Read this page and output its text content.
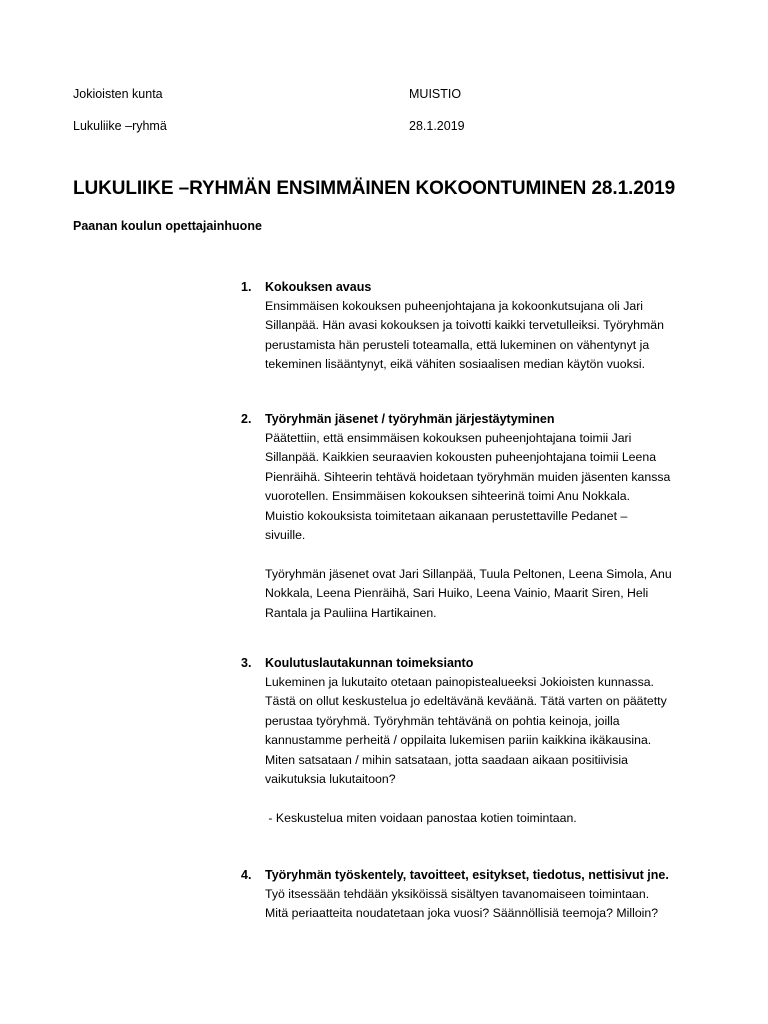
Jokioisten kunta	MUISTIO
Lukuliike –ryhmä	28.1.2019
LUKULIIKE –RYHMÄN ENSIMMÄINEN KOKOONTUMINEN 28.1.2019
Paanan koulun opettajainhuone
1. Kokouksen avaus

Ensimmäisen kokouksen puheenjohtajana ja kokoonkutsujana oli Jari

Sillanpää. Hän avasi kokouksen ja toivotti kaikki tervetulleiksi. Työryhmän

perustamista hän perusteli toteamalla, että lukeminen on vähentynyt ja

tekeminen lisääntynyt, eikä vähiten sosiaalisen median käytön vuoksi.

2. Työryhmän jäsenet / työryhmän järjestäytyminen

Päätettiin, että ensimmäisen kokouksen puheenjohtajana toimii Jari

Sillanpää. Kaikkien seuraavien kokousten puheenjohtajana toimii Leena

Pienräihä. Sihteerin tehtävä hoidetaan työryhmän muiden jäsenten kanssa

vuorotellen. Ensimmäisen kokouksen sihteerinä toimi Anu Nokkala.

Muistio kokouksista toimitetaan aikanaan perustettaville Pedanet –

sivuille.

Työryhmän jäsenet ovat Jari Sillanpää, Tuula Peltonen, Leena Simola, Anu

Nokkala, Leena Pienräihä, Sari Huiko, Leena Vainio, Maarit Siren, Heli

Rantala ja Pauliina Hartikainen.

3. Koulutuslautakunnan toimeksianto

Lukeminen ja lukutaito otetaan painopistealueeksi Jokioisten kunnassa.

Tästä on ollut keskustelua jo edeltävänä keväänä. Tätä varten on päätetty

perustaa työryhmä. Työryhmän tehtävänä on pohtia keinoja, joilla

kannustamme perheitä / oppilaita lukemisen pariin kaikkina ikäkausina.

Miten satsataan / mihin satsataan, jotta saadaan aikaan positiivisia

vaikutuksia lukutaitoon?

- Keskustelua miten voidaan panostaa kotien toimintaan.

4. Työryhmän työskentely, tavoitteet, esitykset, tiedotus, nettisivut jne.

Työ itsessään tehdään yksiköissä sisältyen tavanomaiseen toimintaan.

Mitä periaatteita noudatetaan joka vuosi? Säännöllisiä teemoja? Milloin?
